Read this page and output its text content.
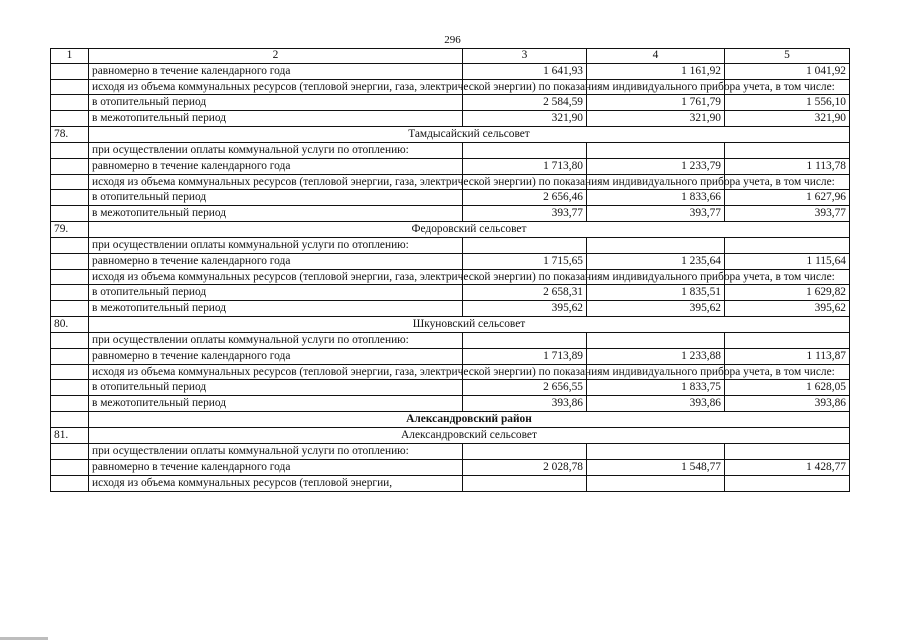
296
1	2	3	4	5
	равномерно в течение календарного года	1 641,93	1 161,92	1 041,92
	исходя из объема коммунальных ресурсов (тепловой энергии, газа, электрической энергии) по показаниям индивидуального прибора учета, в том числе:			
	в отопительный период	2 584,59	1 761,79	1 556,10
	в межотопительный период	321,90	321,90	321,90
78.	Тамдысайский сельсовет			
	при осуществлении оплаты коммунальной услуги по отоплению:			
	равномерно в течение календарного года	1 713,80	1 233,79	1 113,78
	исходя из объема коммунальных ресурсов (тепловой энергии, газа, электрической энергии) по показаниям индивидуального прибора учета, в том числе:			
	в отопительный период	2 656,46	1 833,66	1 627,96
	в межотопительный период	393,77	393,77	393,77
79.	Федоровский сельсовет			
	при осуществлении оплаты коммунальной услуги по отоплению:			
	равномерно в течение календарного года	1 715,65	1 235,64	1 115,64
	исходя из объема коммунальных ресурсов (тепловой энергии, газа, электрической энергии) по показаниям индивидуального прибора учета, в том числе:			
	в отопительный период	2 658,31	1 835,51	1 629,82
	в межотопительный период	395,62	395,62	395,62
80.	Шкуновский сельсовет			
	при осуществлении оплаты коммунальной услуги по отоплению:			
	равномерно в течение календарного года	1 713,89	1 233,88	1 113,87
	исходя из объема коммунальных ресурсов (тепловой энергии, газа, электрической энергии) по показаниям индивидуального прибора учета, в том числе:			
	в отопительный период	2 656,55	1 833,75	1 628,05
	в межотопительный период	393,86	393,86	393,86
	Александровский район			
81.	Александровский сельсовет			
	при осуществлении оплаты коммунальной услуги по отоплению:			
	равномерно в течение календарного года	2 028,78	1 548,77	1 428,77
	исходя из объема коммунальных ресурсов (тепловой энергии,			
